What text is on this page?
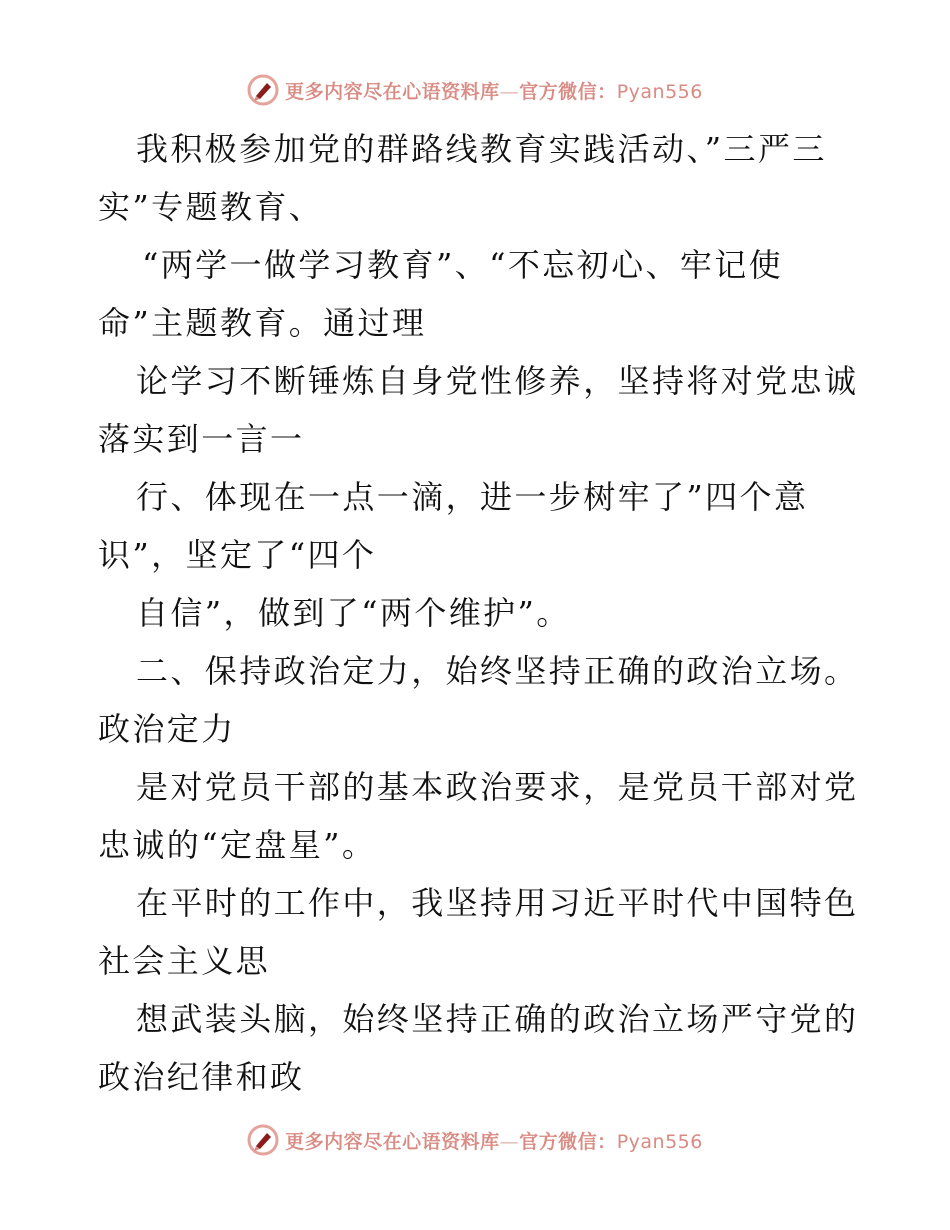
更多内容尽在心语资料库—官方微信：Pyan556
我积极参加党的群路线教育实践活动、”三严三
实”专题教育、
“两学一做学习教育”、“不忘初心、牢记使
命”主题教育。通过理
论学习不断锤炼自身党性修养，坚持将对党忠诚
落实到一言一
行、体现在一点一滴，进一步树牢了”四个意
识”，坚定了“四个
自信”，做到了“两个维护”。
二、保持政治定力，始终坚持正确的政治立场。
政治定力
是对党员干部的基本政治要求，是党员干部对党
忠诚的“定盘星”。
在平时的工作中，我坚持用习近平时代中国特色
社会主义思
想武装头脑，始终坚持正确的政治立场严守党的
政治纪律和政
更多内容尽在心语资料库—官方微信：Pyan556
